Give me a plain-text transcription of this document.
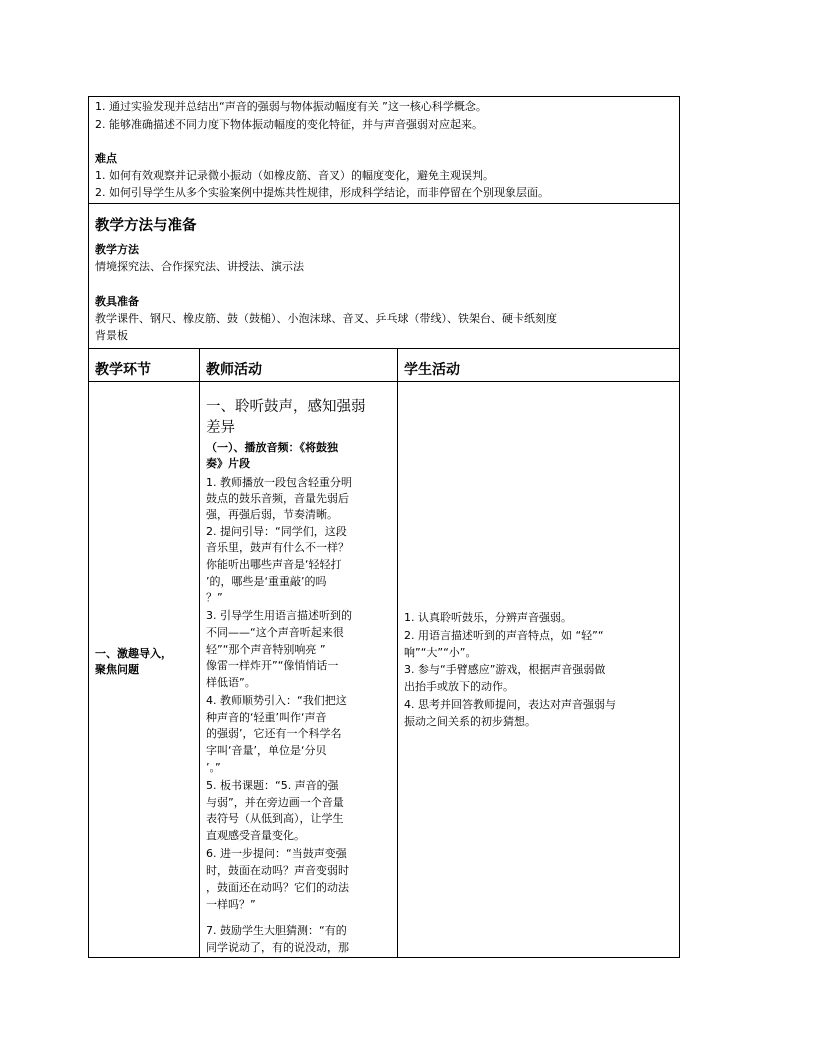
1. 通过实验发现并总结出“声音的强弱与物体振动幅度有关 ”这一核心科学概念。
2. 能够准确描述不同力度下物体振动幅度的变化特征，并与声音强弱对应起来。
难点
1. 如何有效观察并记录微小振动（如橡皮筋、音叉）的幅度变化，避免主观误判。
2. 如何引导学生从多个实验案例中提炼共性规律，形成科学结论，而非停留在个别现象层面。
教学方法与准备
教学方法
情境探究法、合作探究法、讲授法、演示法
教具准备
教学课件、钢尺、橡皮筋、鼓（鼓槌）、小泡沫球、音叉、乒乓球（带线）、铁架台、硬卡纸刻度
背景板
教学环节	教师活动	学生活动
一、激趣导入，
聚焦问题
一、聆听鼓声，感知强弱
差异
（一）、播放音频：《将鼓独
奏》片段
1. 教师播放一段包含轻重分明
鼓点的鼓乐音频，音量先弱后
强，再强后弱，节奏清晰。
2. 提问引导：“同学们，这段
音乐里，鼓声有什么不一样？
你能听出哪些声音是‘轻轻打
’的，哪些是‘重重敲’的吗
？”
3. 引导学生用语言描述听到的
不同——“这个声音听起来很
轻”“那个声音特别响亮 ”
像雷一样炸开”“像悄悄话一
样低语”。
4. 教师顺势引入：“我们把这
种声音的‘轻重’叫作‘声音
的强弱’，它还有一个科学名
字叫‘音量’，单位是‘分贝
’。”
5. 板书课题：“5. 声音的强
与弱”，并在旁边画一个音量
表符号（从低到高），让学生
直观感受音量变化。
6. 进一步提问：“当鼓声变强
时，鼓面在动吗？声音变弱时
，鼓面还在动吗？它们的动法
一样吗？”
7. 鼓励学生大胆猜测：“有的
同学说动了，有的说没动，那
1. 认真聆听鼓乐，分辨声音强弱。
2. 用语言描述听到的声音特点，如 “轻”“
响”“大”“小”。
3. 参与“手臂感应”游戏，根据声音强弱做
出抬手或放下的动作。
4. 思考并回答教师提问，表达对声音强弱与
振动之间关系的初步猜想。
